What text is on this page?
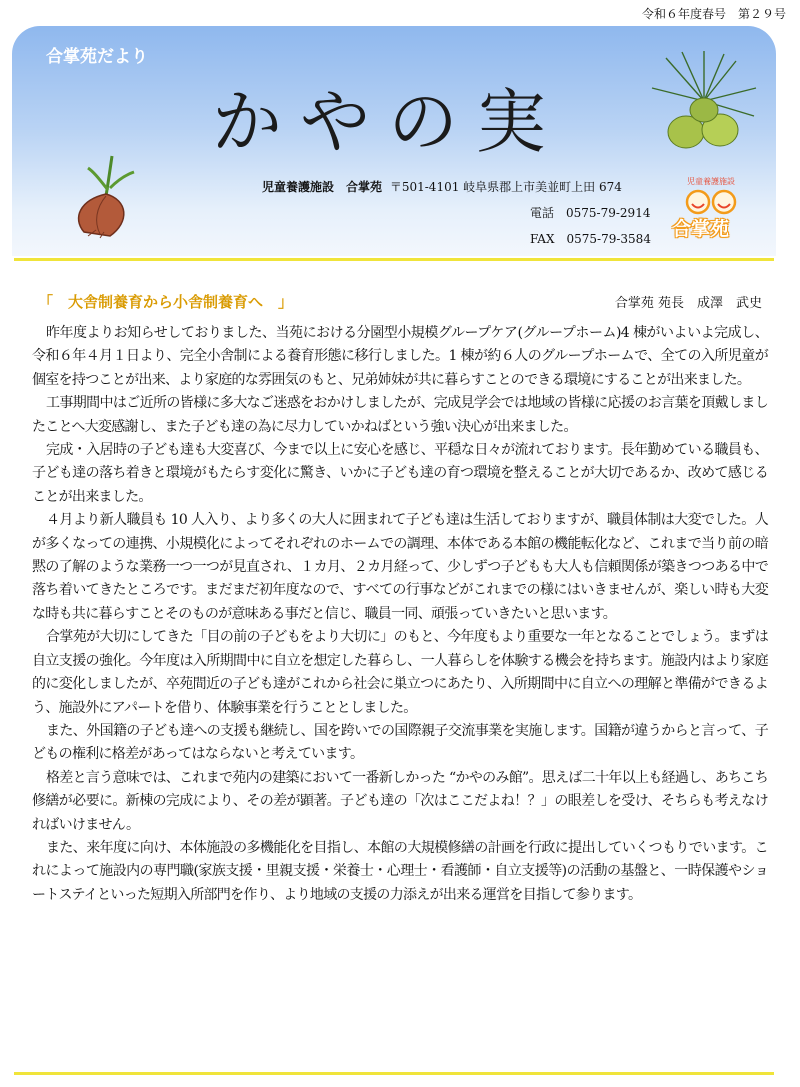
令和６年度春号　第２９号
合掌苑だより
かやの実
児童養護施設　合掌苑 〒501-4101 岐阜県郡上市美並町上田 674
電話　0575-79-2914
FAX　0575-79-3584
児童養護施設
合掌苑
「　大舎制養育から小舎制養育へ　」	合掌苑 苑長　成澤　武史

昨年度よりお知らせしておりました、当苑における分園型小規模グループケア(グループホーム)4 棟がいよいよ完成し、令和６年４月１日より、完全小舎制による養育形態に移行しました。1 棟が約６人のグループホームで、全ての入所児童が個室を持つことが出来、より家庭的な雰囲気のもと、兄弟姉妹が共に暮らすことのできる環境にすることが出来ました。

工事期間中はご近所の皆様に多大なご迷惑をおかけしましたが、完成見学会では地域の皆様に応援のお言葉を頂戴しましたことへ大変感謝し、また子ども達の為に尽力していかねばという強い決心が出来ました。

完成・入居時の子ども達も大変喜び、今まで以上に安心を感じ、平穏な日々が流れております。長年勤めている職員も、子ども達の落ち着きと環境がもたらす変化に驚き、いかに子ども達の育つ環境を整えることが大切であるか、改めて感じることが出来ました。

４月より新人職員も 10 人入り、より多くの大人に囲まれて子ども達は生活しておりますが、職員体制は大変でした。人が多くなっての連携、小規模化によってそれぞれのホームでの調理、本体である本館の機能転化など、これまで当り前の暗黙の了解のような業務一つ一つが見直され、１カ月、２カ月経って、少しずつ子どもも大人も信頼関係が築きつつある中で落ち着いてきたところです。まだまだ初年度なので、すべての行事などがこれまでの様にはいきませんが、楽しい時も大変な時も共に暮らすことそのものが意味ある事だと信じ、職員一同、頑張っていきたいと思います。

合掌苑が大切にしてきた「目の前の子どもをより大切に」のもと、今年度もより重要な一年となることでしょう。まずは自立支援の強化。今年度は入所期間中に自立を想定した暮らし、一人暮らしを体験する機会を持ちます。施設内はより家庭的に変化しましたが、卒苑間近の子ども達がこれから社会に巣立つにあたり、入所期間中に自立への理解と準備ができるよう、施設外にアパートを借り、体験事業を行うこととしました。

また、外国籍の子ども達への支援も継続し、国を跨いでの国際親子交流事業を実施します。国籍が違うからと言って、子どもの権利に格差があってはならないと考えています。

格差と言う意味では、これまで苑内の建築において一番新しかった “かやのみ館”。思えば二十年以上も経過し、あちこち修繕が必要に。新棟の完成により、その差が顕著。子ども達の「次はここだよね！？」の眼差しを受け、そちらも考えなければいけません。

また、来年度に向け、本体施設の多機能化を目指し、本館の大規模修繕の計画を行政に提出していくつもりでいます。これによって施設内の専門職(家族支援・里親支援・栄養士・心理士・看護師・自立支援等)の活動の基盤と、一時保護やショートステイといった短期入所部門を作り、より地域の支援の力添えが出来る運営を目指して参ります。
